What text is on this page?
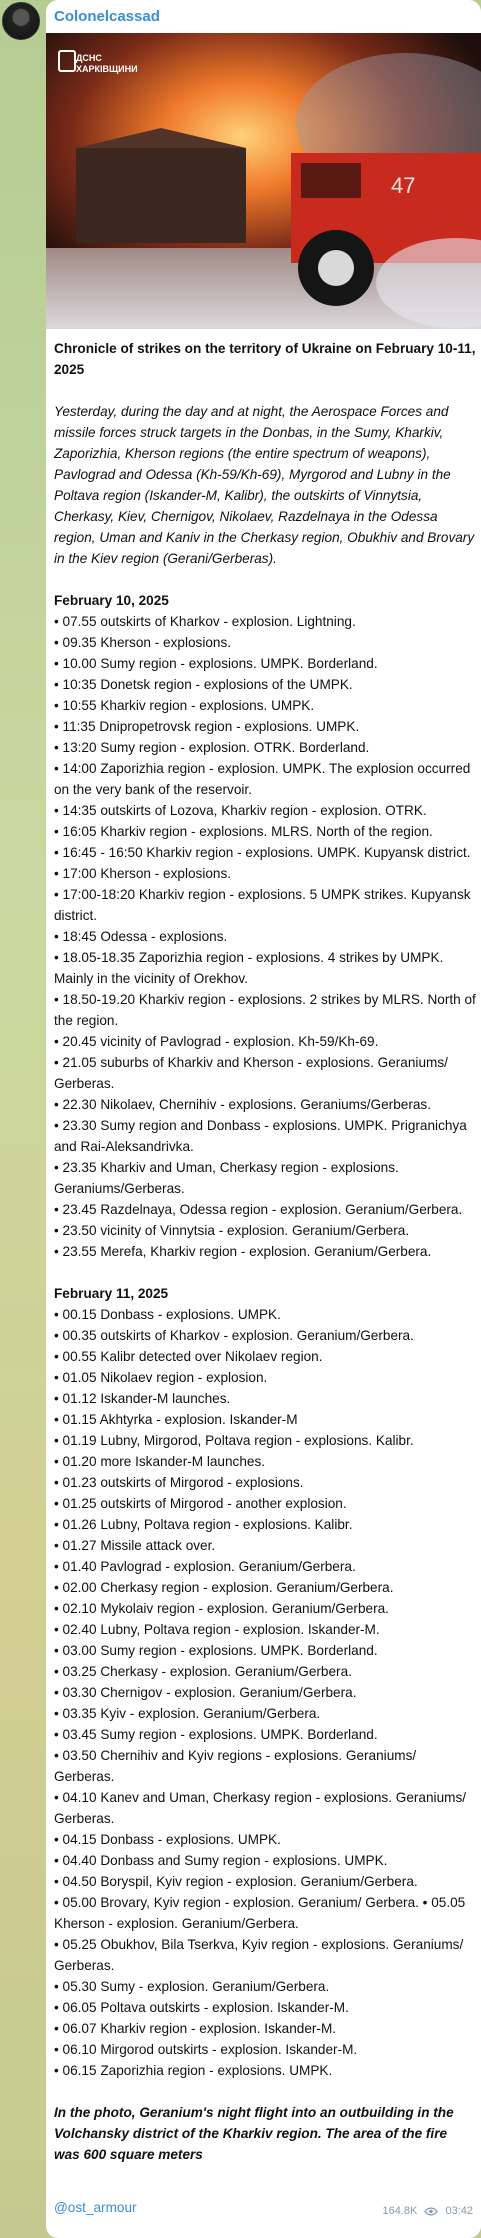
Colonelcassad
47
ДСНС
ХАРКІВЩИНИ

Chronicle of strikes on the territory of Ukraine on February 10-11, 2025

Yesterday, during the day and at night, the Aerospace Forces and missile forces struck targets in the Donbas, in the Sumy, Kharkiv, Zaporizhia, Kherson regions (the entire spectrum of weapons), Pavlograd and Odessa (Kh-59/Kh-69), Myrgorod and Lubny in the Poltava region (Iskander-M, Kalibr), the outskirts of Vinnytsia, Cherkasy, Kiev, Chernigov, Nikolaev, Razdelnaya in the Odessa region, Uman and Kaniv in the Cherkasy region, Obukhiv and Brovary in the Kiev region (Gerani/Gerberas).

February 10, 2025

• 07.55 outskirts of Kharkov - explosion. Lightning.

• 09.35 Kherson - explosions.

• 10.00 Sumy region - explosions. UMPK. Borderland.

• 10:35 Donetsk region - explosions of the UMPK.

• 10:55 Kharkiv region - explosions. UMPK.

• 11:35 Dnipropetrovsk region - explosions. UMPK.

• 13:20 Sumy region - explosion. OTRK. Borderland.

• 14:00 Zaporizhia region - explosion. UMPK. The explosion occurred on the very bank of the reservoir.

• 14:35 outskirts of Lozova, Kharkiv region - explosion. OTRK.

• 16:05 Kharkiv region - explosions. MLRS. North of the region.

• 16:45 - 16:50 Kharkiv region - explosions. UMPK. Kupyansk district.

• 17:00 Kherson - explosions.

• 17:00-18:20 Kharkiv region - explosions. 5 UMPK strikes. Kupyansk district.

• 18:45 Odessa - explosions.

• 18.05-18.35 Zaporizhia region - explosions. 4 strikes by UMPK. Mainly in the vicinity of Orekhov.

• 18.50-19.20 Kharkiv region - explosions. 2 strikes by MLRS. North of the region.

• 20.45 vicinity of Pavlograd - explosion. Kh-59/Kh-69.

• 21.05 suburbs of Kharkiv and Kherson - explosions. Geraniums/ Gerberas.

• 22.30 Nikolaev, Chernihiv - explosions. Geraniums/Gerberas.

• 23.30 Sumy region and Donbass - explosions. UMPK. Prigranichya and Rai-Aleksandrivka.

• 23.35 Kharkiv and Uman, Cherkasy region - explosions. Geraniums/Gerberas.

• 23.45 Razdelnaya, Odessa region - explosion. Geranium/Gerbera.

• 23.50 vicinity of Vinnytsia - explosion. Geranium/Gerbera.

• 23.55 Merefa, Kharkiv region - explosion. Geranium/Gerbera.

February 11, 2025

• 00.15 Donbass - explosions. UMPK.

• 00.35 outskirts of Kharkov - explosion. Geranium/Gerbera.

• 00.55 Kalibr detected over Nikolaev region.

• 01.05 Nikolaev region - explosion.

• 01.12 Iskander-M launches.

• 01.15 Akhtyrka - explosion. Iskander-M

• 01.19 Lubny, Mirgorod, Poltava region - explosions. Kalibr.

• 01.20 more Iskander-M launches.

• 01.23 outskirts of Mirgorod - explosions.

• 01.25 outskirts of Mirgorod - another explosion.

• 01.26 Lubny, Poltava region - explosions. Kalibr.

• 01.27 Missile attack over.

• 01.40 Pavlograd - explosion. Geranium/Gerbera.

• 02.00 Cherkasy region - explosion. Geranium/Gerbera.

• 02.10 Mykolaiv region - explosion. Geranium/Gerbera.

• 02.40 Lubny, Poltava region - explosion. Iskander-M.

• 03.00 Sumy region - explosions. UMPK. Borderland.

• 03.25 Cherkasy - explosion. Geranium/Gerbera.

• 03.30 Chernigov - explosion. Geranium/Gerbera.

• 03.35 Kyiv - explosion. Geranium/Gerbera.

• 03.45 Sumy region - explosions. UMPK. Borderland.

• 03.50 Chernihiv and Kyiv regions - explosions. Geraniums/ Gerberas.

• 04.10 Kanev and Uman, Cherkasy region - explosions. Geraniums/ Gerberas.

• 04.15 Donbass - explosions. UMPK.

• 04.40 Donbass and Sumy region - explosions. UMPK.

• 04.50 Boryspil, Kyiv region - explosion. Geranium/Gerbera.

• 05.00 Brovary, Kyiv region - explosion. Geranium/ Gerbera. • 05.05 Kherson - explosion. Geranium/Gerbera.

• 05.25 Obukhov, Bila Tserkva, Kyiv region - explosions. Geraniums/ Gerberas.

• 05.30 Sumy - explosion. Geranium/Gerbera.

• 06.05 Poltava outskirts - explosion. Iskander-M.

• 06.07 Kharkiv region - explosion. Iskander-M.

• 06.10 Mirgorod outskirts - explosion. Iskander-M.

• 06.15 Zaporizhia region - explosions. UMPK.

In the photo, Geranium's night flight into an outbuilding in the Volchansky district of the Kharkiv region. The area of the fire was 600 square meters

@ost_armour	164.8K	03:42
